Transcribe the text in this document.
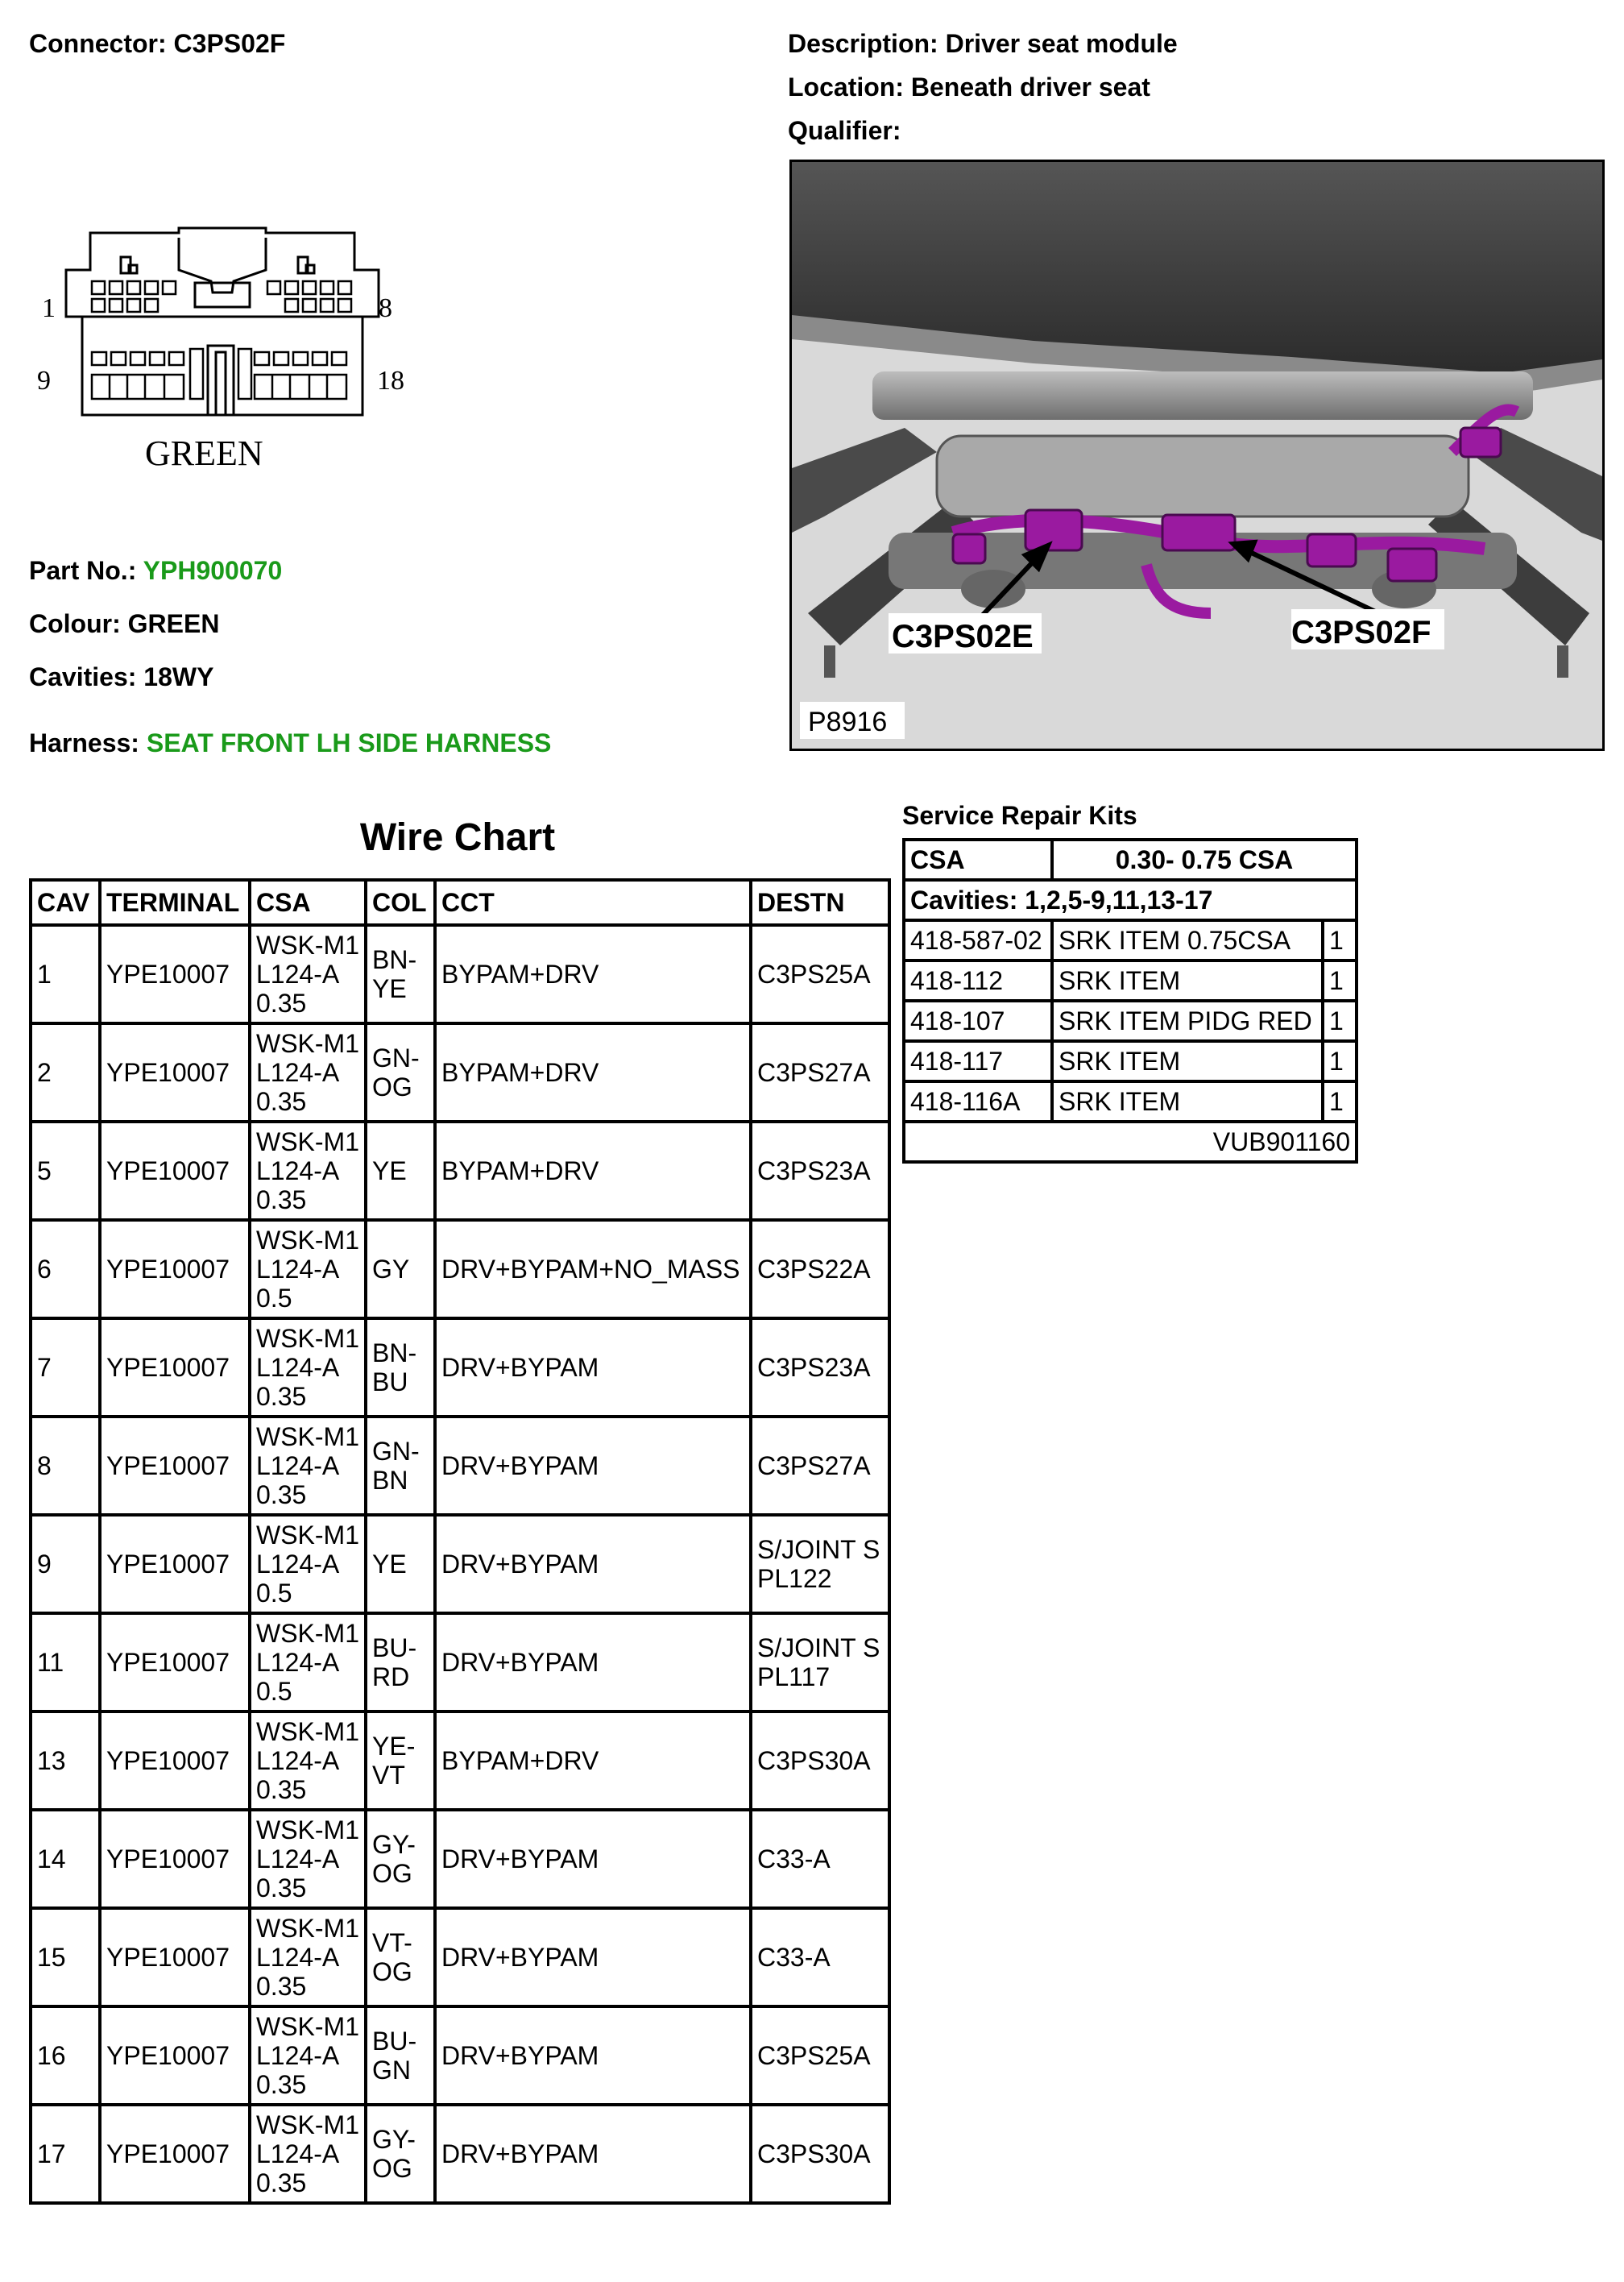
Connector: C3PS02F	Description: Driver seat module
Location: Beneath driver seat
Qualifier:
1	8
9	18
GREEN
Part No.: YPH900070
Colour: GREEN
Cavities: 18WY
Harness: SEAT FRONT LH SIDE HARNESS
C3PS02E	C3PS02F
P8916
Wire Chart
CAV	TERMINAL	CSA	COL	CCT	DESTN
1	YPE10007	WSK-M1L124-A 0.35	BN-YE	BYPAM+DRV	C3PS25A
2	YPE10007	WSK-M1L124-A 0.35	GN-OG	BYPAM+DRV	C3PS27A
5	YPE10007	WSK-M1L124-A 0.35	YE	BYPAM+DRV	C3PS23A
6	YPE10007	WSK-M1L124-A 0.5	GY	DRV+BYPAM+NO_MASS	C3PS22A
7	YPE10007	WSK-M1L124-A 0.35	BN-BU	DRV+BYPAM	C3PS23A
8	YPE10007	WSK-M1L124-A 0.35	GN-BN	DRV+BYPAM	C3PS27A
9	YPE10007	WSK-M1L124-A 0.5	YE	DRV+BYPAM	S/JOINT SPL122
11	YPE10007	WSK-M1L124-A 0.5	BU-RD	DRV+BYPAM	S/JOINT SPL117
13	YPE10007	WSK-M1L124-A 0.35	YE-VT	BYPAM+DRV	C3PS30A
14	YPE10007	WSK-M1L124-A 0.35	GY-OG	DRV+BYPAM	C33-A
15	YPE10007	WSK-M1L124-A 0.35	VT-OG	DRV+BYPAM	C33-A
16	YPE10007	WSK-M1L124-A 0.35	BU-GN	DRV+BYPAM	C3PS25A
17	YPE10007	WSK-M1L124-A 0.35	GY-OG	DRV+BYPAM	C3PS30A
Service Repair Kits
CSA	0.30- 0.75 CSA	
Cavities: 1,2,5-9,11,13-17		
418-587-02	SRK ITEM 0.75CSA	1
418-112	SRK ITEM	1
418-107	SRK ITEM PIDG RED	1
418-117	SRK ITEM	1
418-116A	SRK ITEM	1
VUB901160		
